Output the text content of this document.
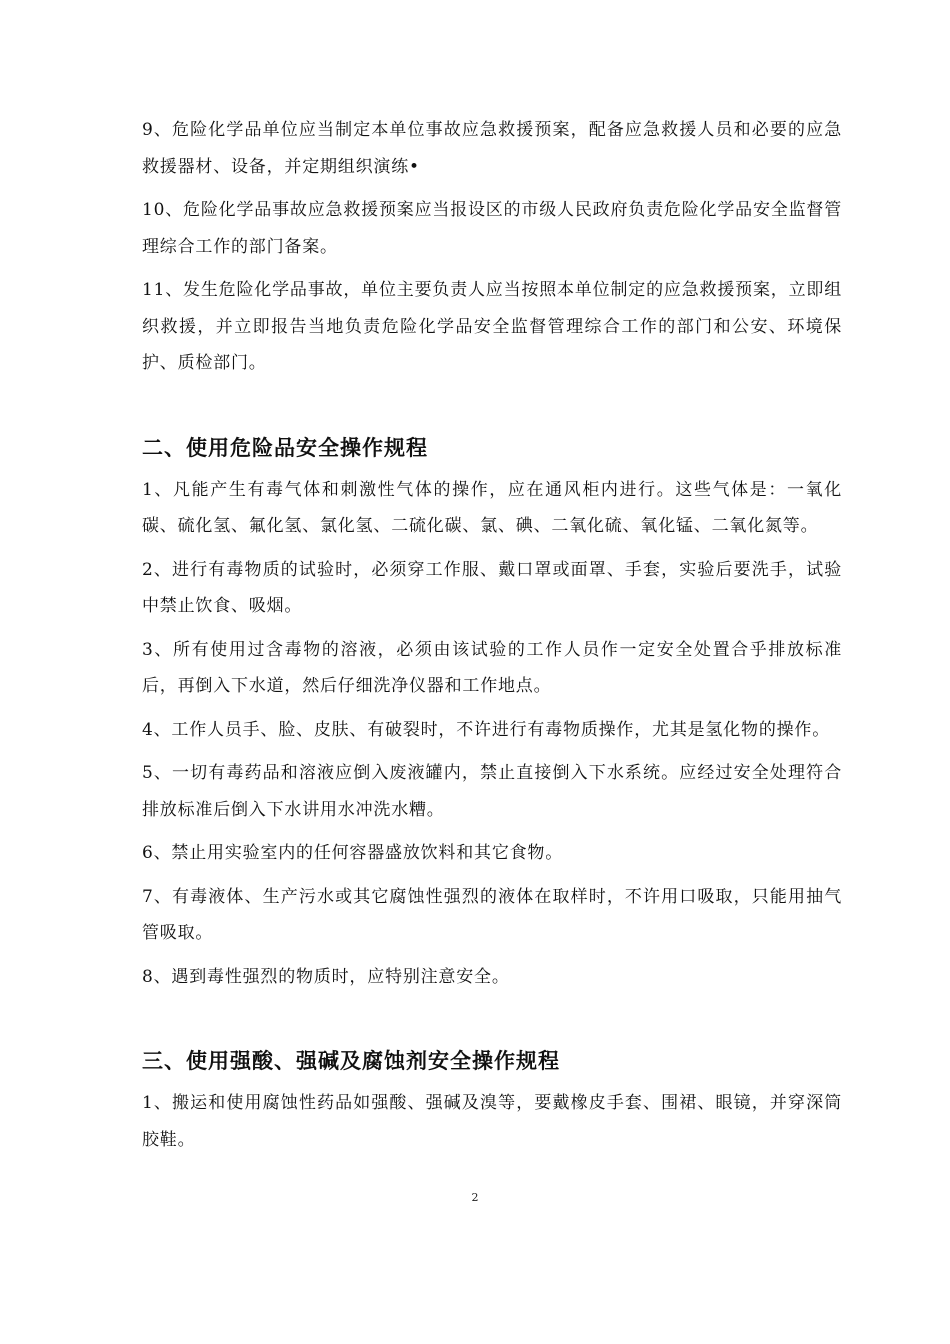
9、危险化学品单位应当制定本单位事故应急救援预案，配备应急救援人员和必要的应急救援器材、设备，并定期组织演练•

10、危险化学品事故应急救援预案应当报设区的市级人民政府负责危险化学品安全监督管理综合工作的部门备案。

11、发生危险化学品事故，单位主要负责人应当按照本单位制定的应急救援预案，立即组织救援，并立即报告当地负责危险化学品安全监督管理综合工作的部门和公安、环境保护、质检部门。

二、使用危险品安全操作规程

1、凡能产生有毒气体和刺激性气体的操作，应在通风柜内进行。这些气体是：一氧化碳、硫化氢、氟化氢、氯化氢、二硫化碳、氯、碘、二氧化硫、氧化锰、二氧化氮等。

2、进行有毒物质的试验时，必须穿工作服、戴口罩或面罩、手套，实验后要洗手，试验中禁止饮食、吸烟。

3、所有使用过含毒物的溶液，必须由该试验的工作人员作一定安全处置合乎排放标准后，再倒入下水道，然后仔细洗净仪器和工作地点。

4、工作人员手、脸、皮肤、有破裂时，不许进行有毒物质操作，尤其是氢化物的操作。

5、一切有毒药品和溶液应倒入废液罐内，禁止直接倒入下水系统。应经过安全处理符合排放标准后倒入下水讲用水冲洗水糟。

6、禁止用实验室内的任何容器盛放饮料和其它食物。

7、有毒液体、生产污水或其它腐蚀性强烈的液体在取样时，不许用口吸取，只能用抽气管吸取。

8、遇到毒性强烈的物质时，应特别注意安全。

三、使用强酸、强碱及腐蚀剂安全操作规程

1、搬运和使用腐蚀性药品如强酸、强碱及溴等，要戴橡皮手套、围裙、眼镜，并穿深筒胶鞋。

2
